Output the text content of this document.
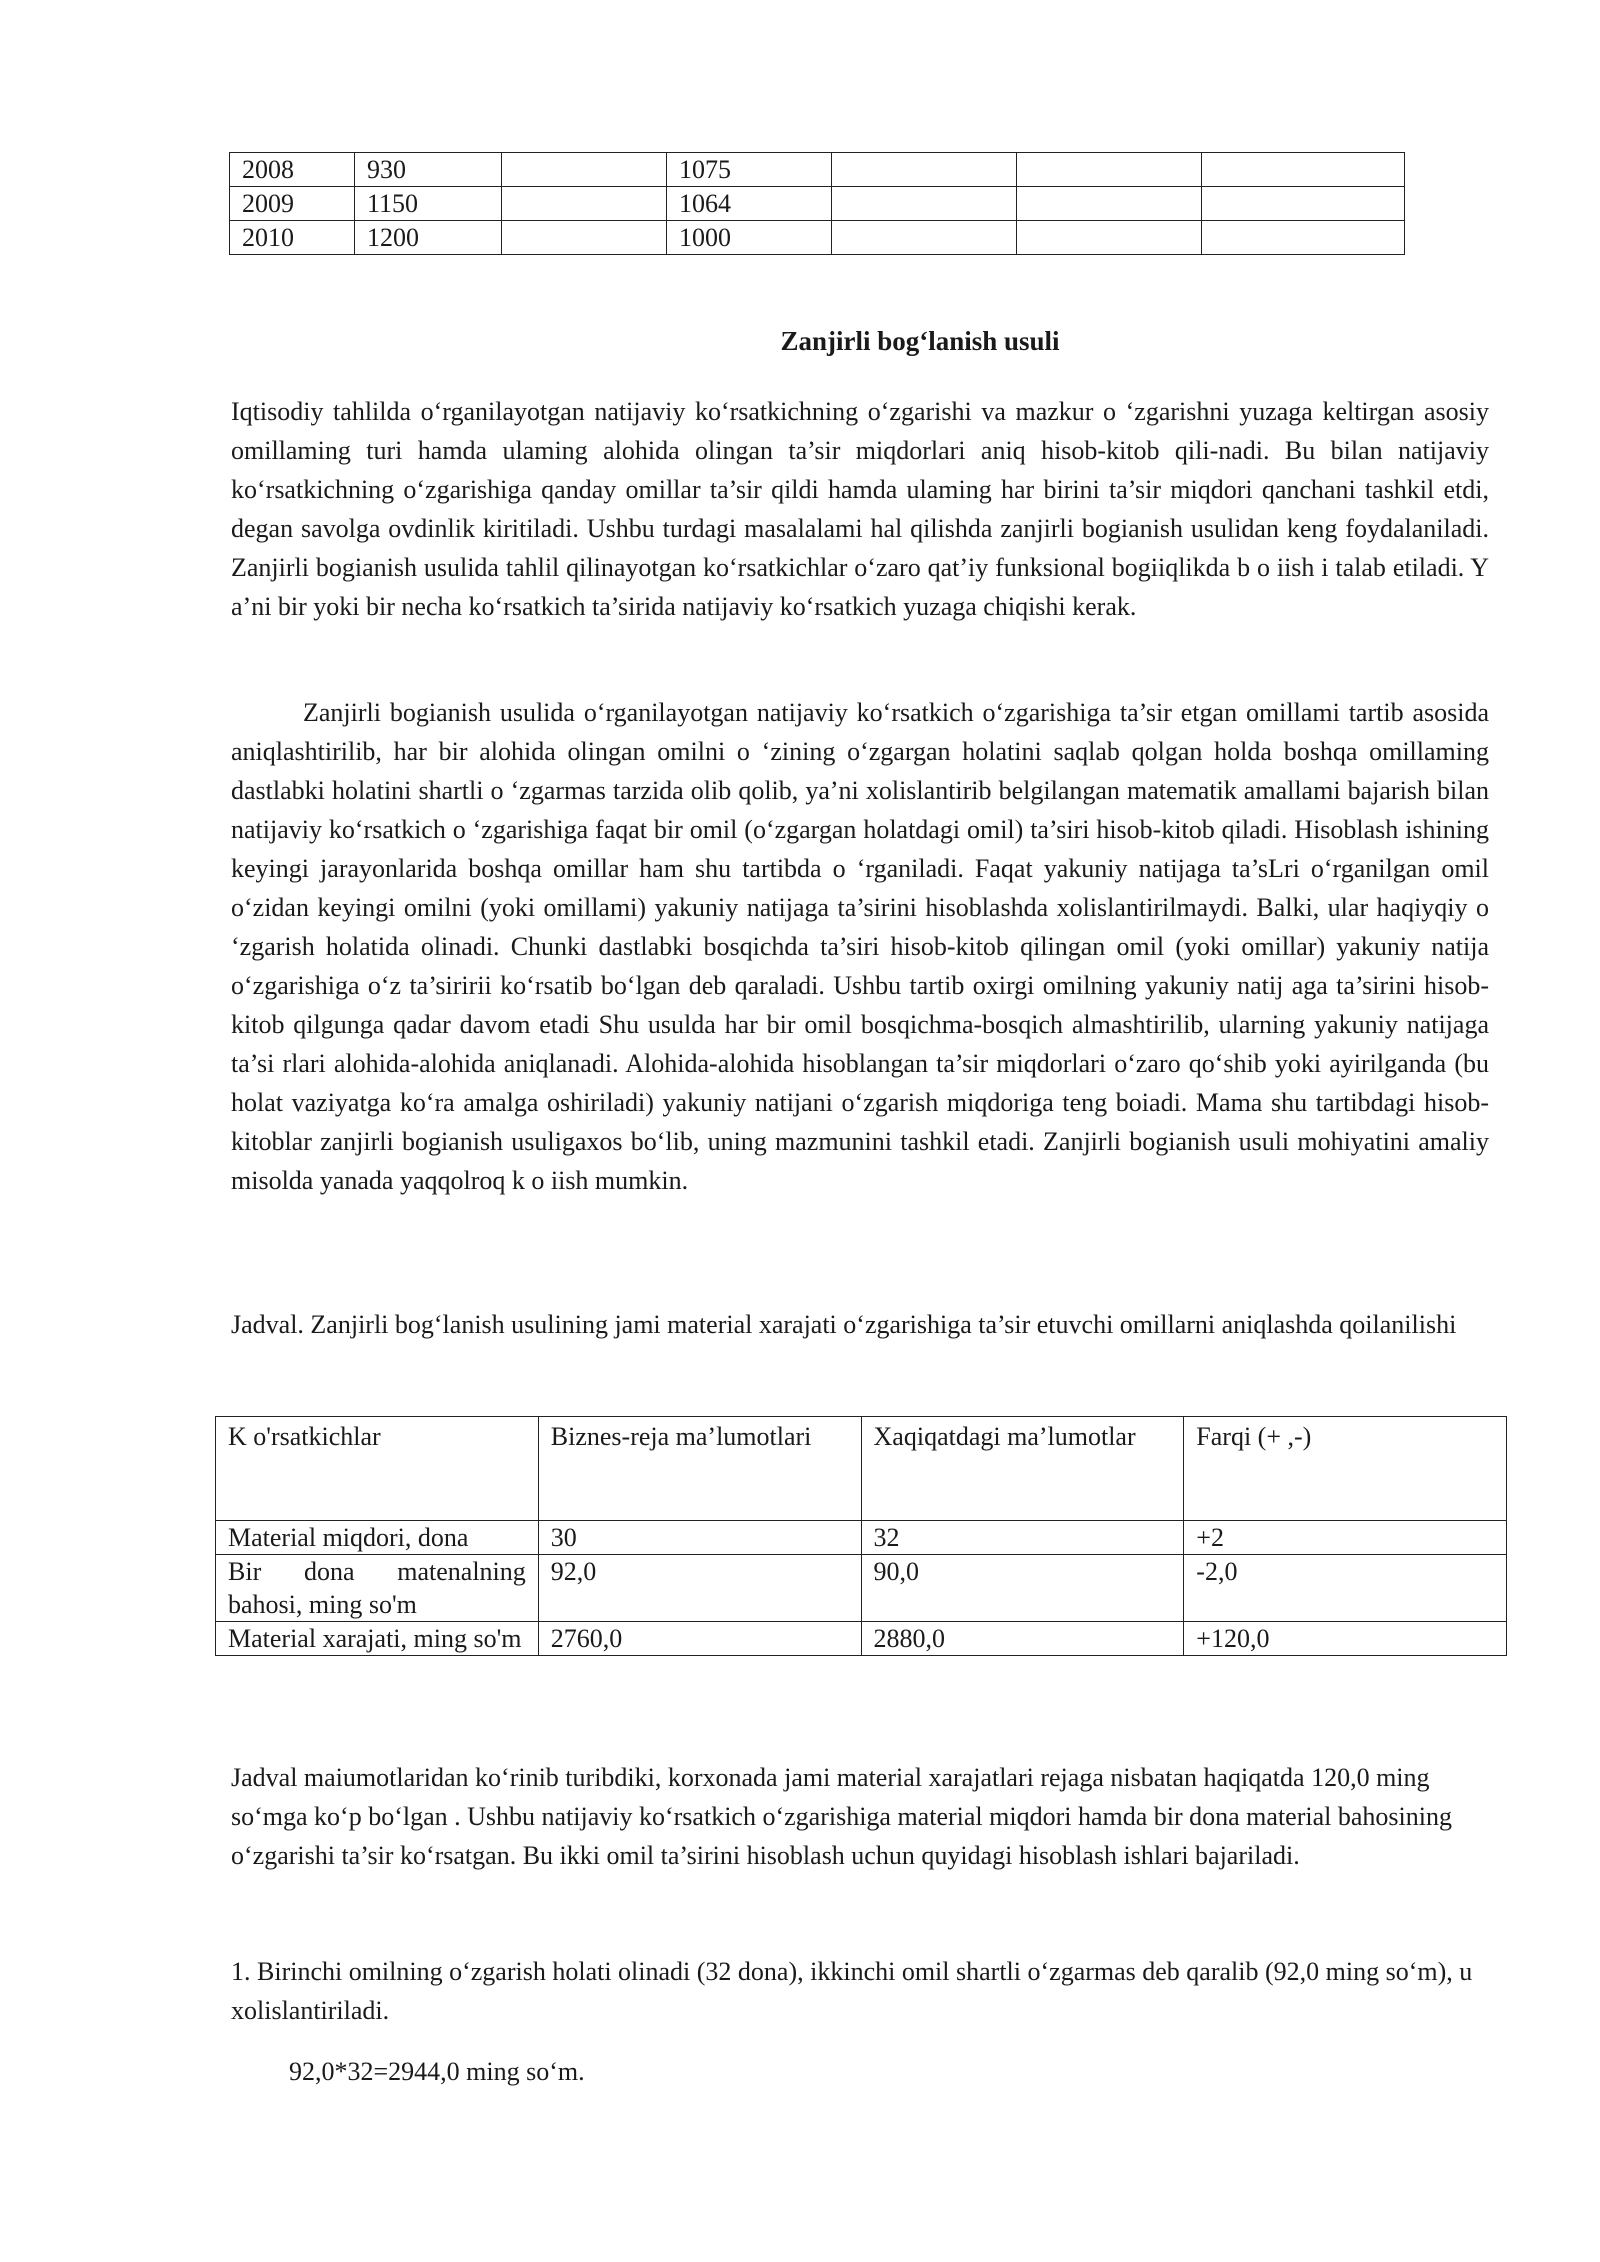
2008	930		1075			
2009	1150		1064			
2010	1200		1000			
Zanjirli bog‘lanish usuli

Iqtisodiy tahlilda o‘rganilayotgan natijaviy ko‘rsatkichning o‘zgarishi va mazkur o ‘zgarishni yuzaga keltirgan asosiy omillaming turi hamda ulaming alohida olingan ta’sir miqdorlari aniq hisob-kitob qili-nadi. Bu bilan natijaviy ko‘rsatkichning o‘zgarishiga qanday omillar ta’sir qildi hamda ulaming har birini ta’sir miqdori qanchani tashkil etdi, degan savolga ovdinlik kiritiladi. Ushbu turdagi masalalami hal qilishda zanjirli bogianish usulidan keng foydalaniladi. Zanjirli bogianish usulida tahlil qilinayotgan ko‘rsatkichlar o‘zaro qat’iy funksional bogiiqlikda b o iish i talab etiladi. Y a’ni bir yoki bir necha ko‘rsatkich ta’sirida natijaviy ko‘rsatkich yuzaga chiqishi kerak.

Zanjirli bogianish usulida o‘rganilayotgan natijaviy ko‘rsatkich o‘zgarishiga ta’sir etgan omillami tartib asosida aniqlashtirilib, har bir alohida olingan omilni o ‘zining o‘zgargan holatini saqlab qolgan holda boshqa omillaming dastlabki holatini shartli o ‘zgarmas tarzida olib qolib, ya’ni xolislantirib belgilangan matematik amallami bajarish bilan natijaviy ko‘rsatkich o ‘zgarishiga faqat bir omil (o‘zgargan holatdagi omil) ta’siri hisob-kitob qiladi. Hisoblash ishining keyingi jarayonlarida boshqa omillar ham shu tartibda o ‘rganiladi. Faqat yakuniy natijaga ta’sLri o‘rganilgan omil o‘zidan keyingi omilni (yoki omillami) yakuniy natijaga ta’sirini hisoblashda xolislantirilmaydi. Balki, ular haqiyqiy o ‘zgarish holatida olinadi. Chunki dastlabki bosqichda ta’siri hisob-kitob qilingan omil (yoki omillar) yakuniy natija o‘zgarishiga o‘z ta’siririi ko‘rsatib bo‘lgan deb qaraladi. Ushbu tartib oxirgi omilning yakuniy natij aga ta’sirini hisob-kitob qilgunga qadar davom etadi Shu usulda har bir omil bosqichma-bosqich almashtirilib, ularning yakuniy natijaga ta’si rlari alohida-alohida aniqlanadi. Alohida-alohida hisoblangan ta’sir miqdorlari o‘zaro qo‘shib yoki ayirilganda (bu holat vaziyatga ko‘ra amalga oshiriladi) yakuniy natijani o‘zgarish miqdoriga teng boiadi. Mama shu tartibdagi hisob-kitoblar zanjirli bogianish usuligaxos bo‘lib, uning mazmunini tashkil etadi. Zanjirli bogianish usuli mohiyatini amaliy misolda yanada yaqqolroq k o iish mumkin.

Jadval. Zanjirli bog‘lanish usulining jami material xarajati o‘zgarishiga ta’sir etuvchi omillarni aniqlashda qoilanilishi

K o'rsatkichlar	Biznes-reja ma’lumotlari	Xaqiqatdagi ma’lumotlar	Farqi (+ ,-)
Material miqdori, dona	30	32	+2
Bir dona matenalning bahosi, ming so'm	92,0	90,0	-2,0
Material xarajati, ming so'm	2760,0	2880,0	+120,0

Jadval maiumotlaridan ko‘rinib turibdiki, korxonada jami material xarajatlari rejaga nisbatan haqiqatda 120,0 ming so‘mga ko‘p bo‘lgan . Ushbu natijaviy ko‘rsatkich o‘zgarishiga material miqdori hamda bir dona material bahosining o‘zgarishi ta’sir ko‘rsatgan. Bu ikki omil ta’sirini hisoblash uchun quyidagi hisoblash ishlari bajariladi.

1. Birinchi omilning o‘zgarish holati olinadi (32 dona), ikkinchi omil shartli o‘zgarmas deb qaralib (92,0 ming so‘m), u xolislantiriladi.

92,0*32=2944,0 ming so‘m.
